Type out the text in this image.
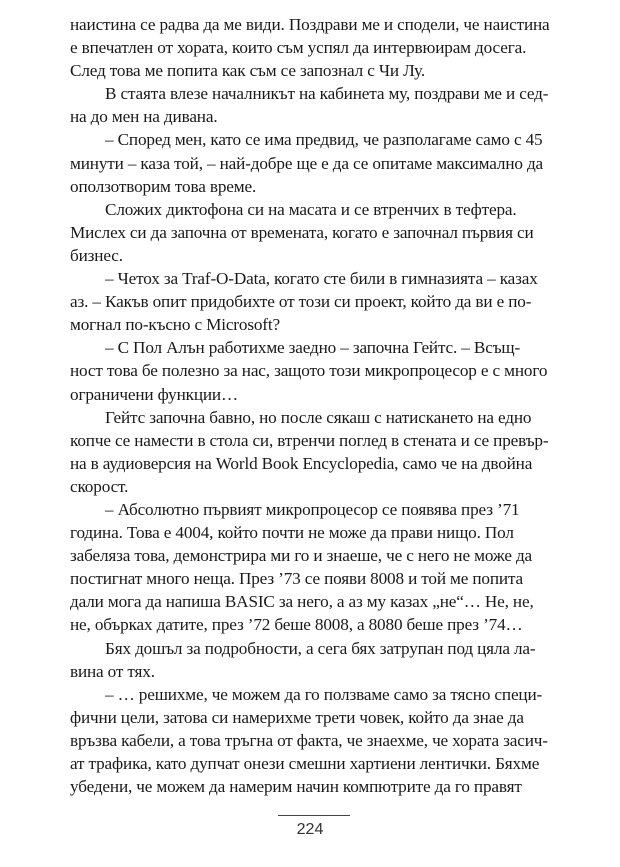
наистина се радва да ме види. Поздрави ме и сподели, че наистина
е впечатлен от хората, които съм успял да интервюирам досега.
След това ме попита как съм се запознал с Чи Лу.

В стаята влезе началникът на кабинета му, поздрави ме и сед-
на до мен на дивана.

– Според мен, като се има предвид, че разполагаме само с 45
минути – каза той, – най-добре ще е да се опитаме максимално да
оползотворим това време.

Сложих диктофона си на масата и се втренчих в тефтера.
Мислех си да започна от времената, когато е започнал първия си
бизнес.

– Четох за Traf-O-Data, когато сте били в гимназията – казах
аз. – Какъв опит придобихте от този си проект, който да ви е по-
могнал по-късно с Microsoft?

– С Пол Алън работихме заедно – започна Гейтс. – Всъщ-
ност това бе полезно за нас, защото този микропроцесор е с много
ограничени функции…

Гейтс започна бавно, но после сякаш с натискането на едно
копче се намести в стола си, втренчи поглед в стената и се превър-
на в аудиоверсия на World Book Encyclopedia, само че на двойна
скорост.

– Абсолютно първият микропроцесор се появява през ’71
година. Това е 4004, който почти не може да прави нищо. Пол
забеляза това, демонстрира ми го и знаеше, че с него не може да
постигнат много неща. През ’73 се появи 8008 и той ме попита
дали мога да напиша BASIC за него, а аз му казах „не“… Не, не,
не, обърках датите, през ’72 беше 8008, а 8080 беше през ’74…

Бях дошъл за подробности, а сега бях затрупан под цяла ла-
вина от тях.

– … решихме, че можем да го ползваме само за тясно специ-
фични цели, затова си намерихме трети човек, който да знае да
връзва кабели, а това тръгна от факта, че знаехме, че хората засич-
ат трафика, като дупчат онези смешни хартиени лентички. Бяхме
убедени, че можем да намерим начин компютрите да го правят

224
